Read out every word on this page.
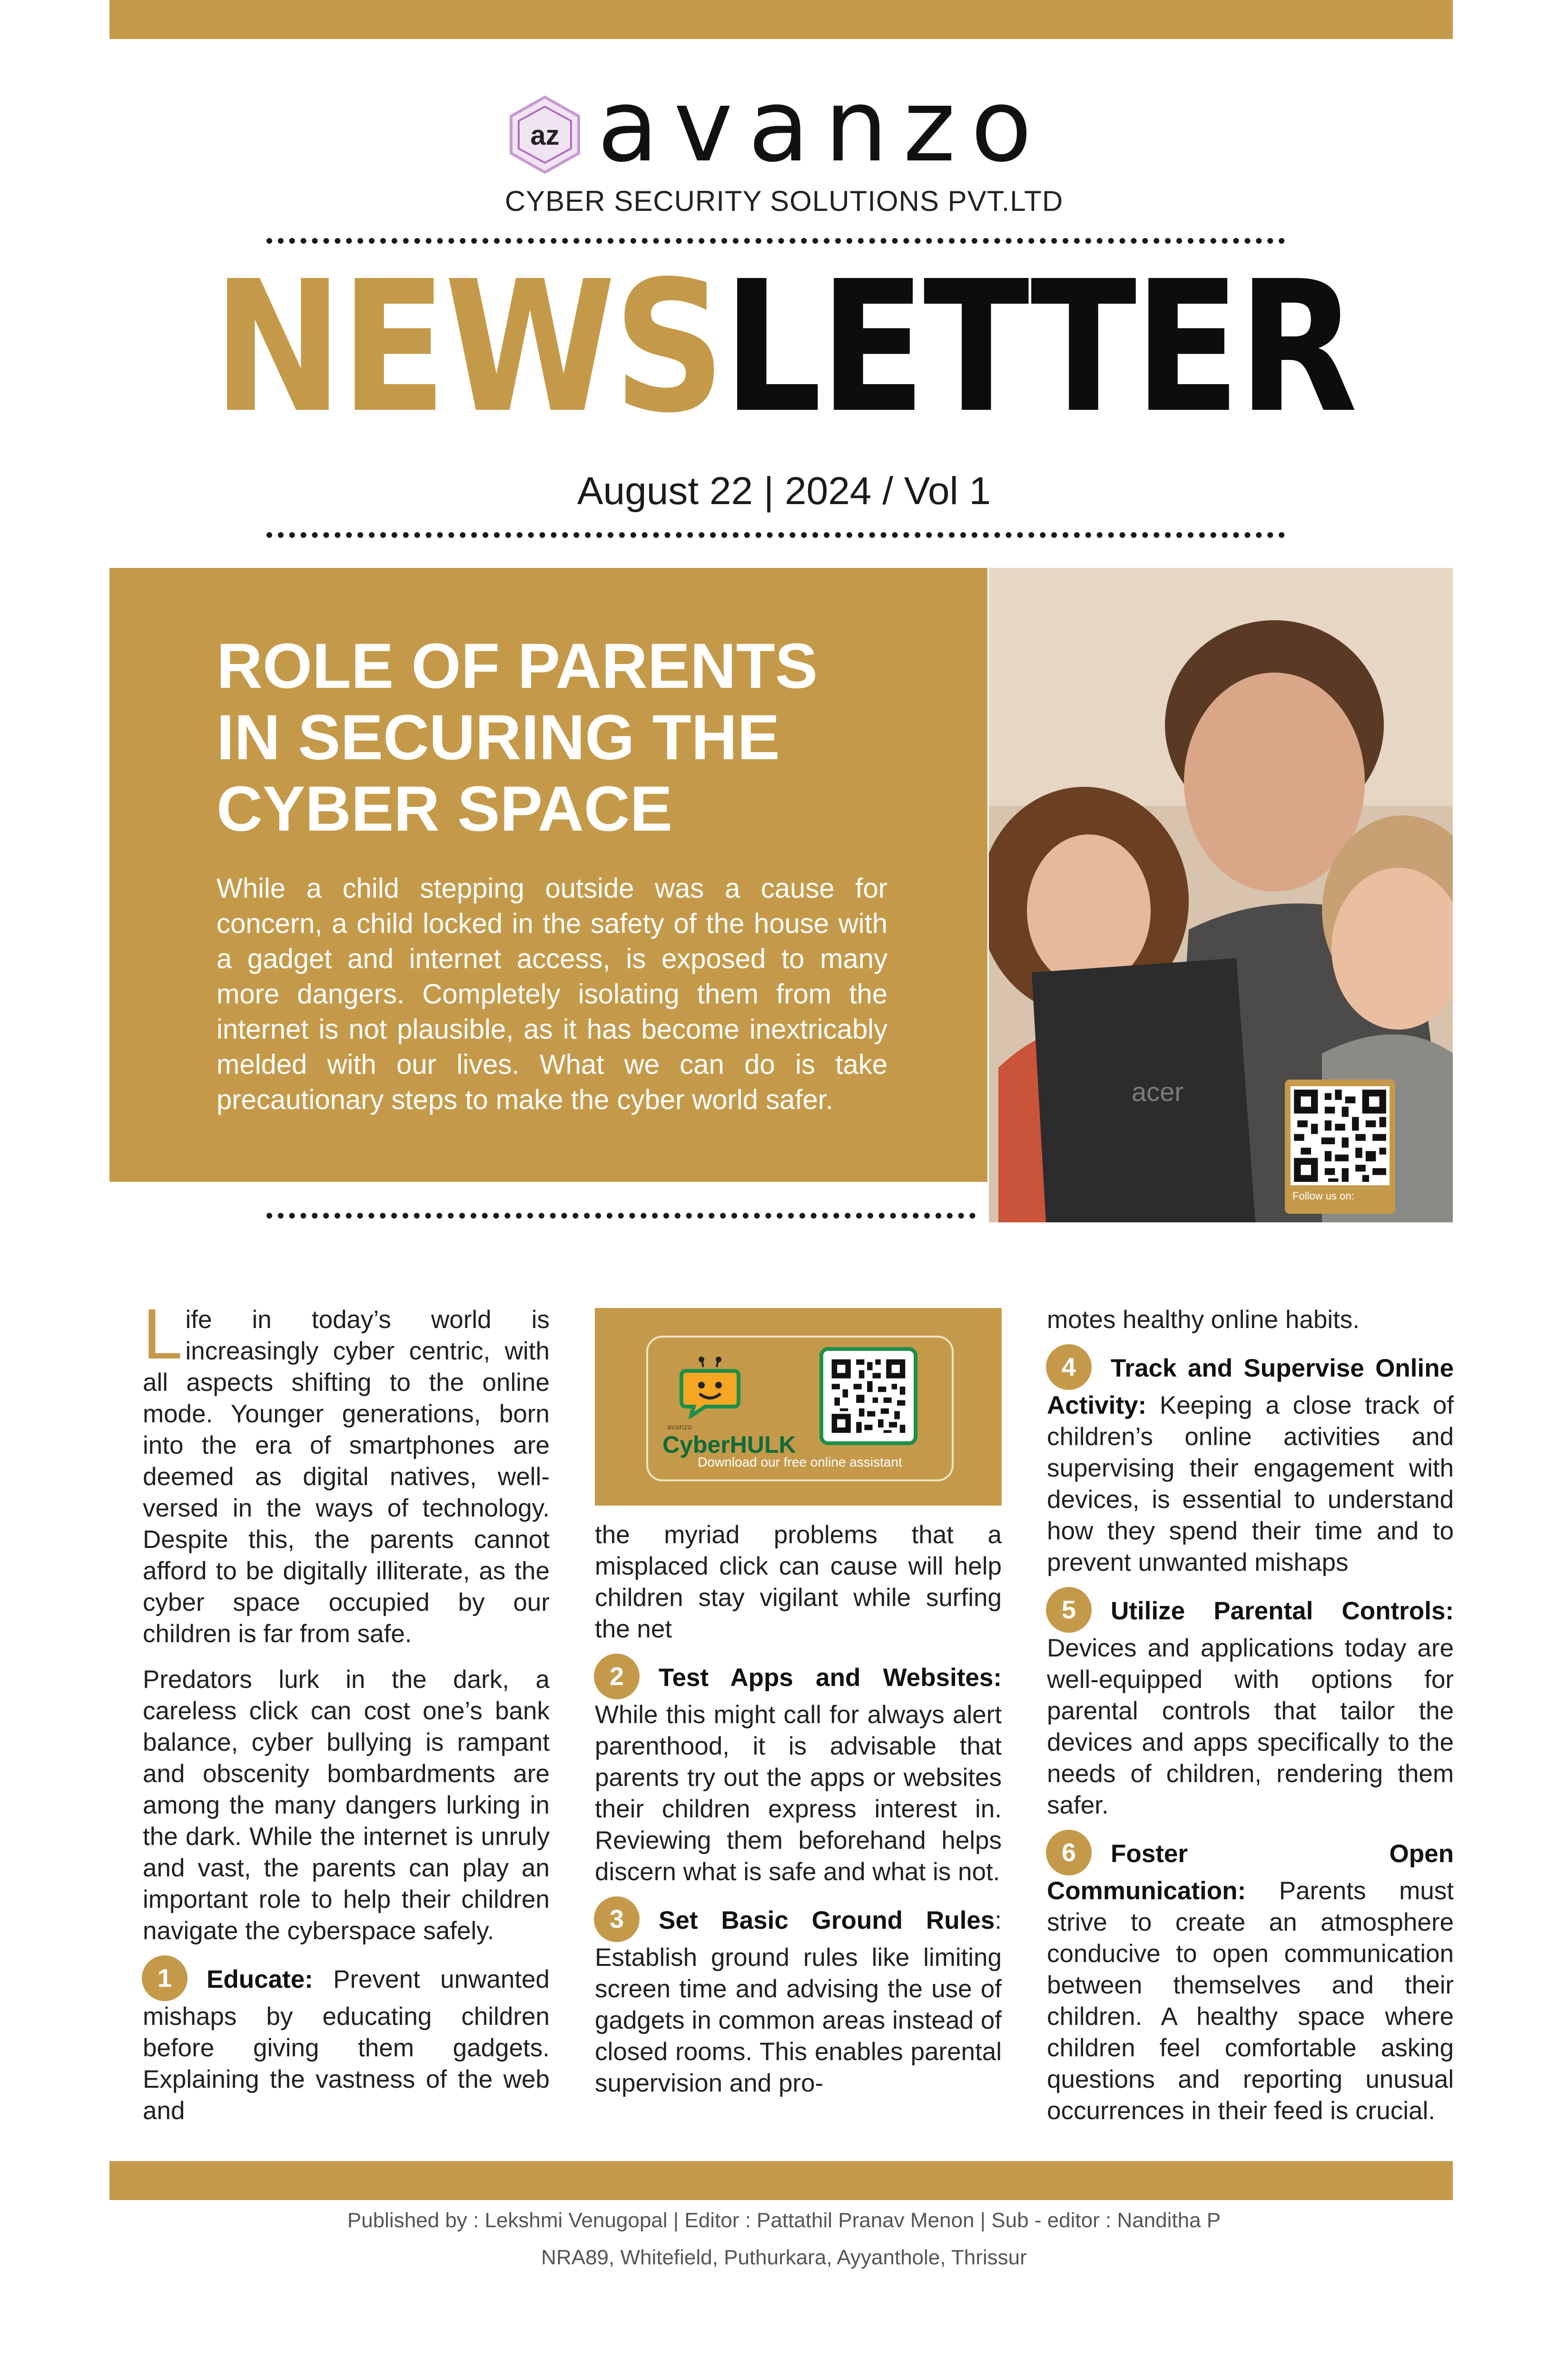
az avanzo
CYBER SECURITY SOLUTIONS PVT.LTD
NEWSLETTER
August 22 | 2024 / Vol 1
ROLE OF PARENTS
IN SECURING THE
CYBER SPACE

While a child stepping outside was a cause for concern, a child locked in the safety of the house with a gadget and internet access, is exposed to many more dangers. Completely isolating them from the internet is not plausible, as it has become inextricably melded with our lives. What we can do is take precautionary steps to make the cyber world safer.	acer
Follow us on:

Life in today’s world is increasingly cyber centric, with all aspects shifting to the online mode. Younger generations, born into the era of smartphones are deemed as digital natives, well-versed in the ways of technology. Despite this, the parents cannot afford to be digitally illiterate, as the cyber space occupied by our children is far from safe.

Predators lurk in the dark, a careless click can cost one’s bank balance, cyber bullying is rampant and obscenity bombardments are among the many dangers lurking in the dark. While the internet is unruly and vast, the parents can play an important role to help their children navigate the cyberspace safely.

1 Educate: Prevent unwanted mishaps by educating children before giving them gadgets. Explaining the vastness of the web and

avanzo
CyberHULK
Download our free online assistant

the myriad problems that a misplaced click can cause will help children stay vigilant while surfing the net

2 Test Apps and Websites: While this might call for always alert parenthood, it is advisable that parents try out the apps or websites their children express interest in. Reviewing them beforehand helps discern what is safe and what is not.

3 Set Basic Ground Rules: Establish ground rules like limiting screen time and advising the use of gadgets in common areas instead of closed rooms. This enables parental supervision and pro-

motes healthy online habits.

4 Track and Supervise Online Activity: Keeping a close track of children’s online activities and supervising their engagement with devices, is essential to understand how they spend their time and to prevent unwanted mishaps

5 Utilize Parental Controls: Devices and applications today are well-equipped with options for parental controls that tailor the devices and apps specifically to the needs of children, rendering them safer.

6 Foster Open Communication: Parents must strive to create an atmosphere conducive to open communication between themselves and their children. A healthy space where children feel comfortable asking questions and reporting unusual occurrences in their feed is crucial.

Published by : Lekshmi Venugopal | Editor : Pattathil Pranav Menon | Sub - editor : Nanditha P
NRA89, Whitefield, Puthurkara, Ayyanthole, Thrissur
